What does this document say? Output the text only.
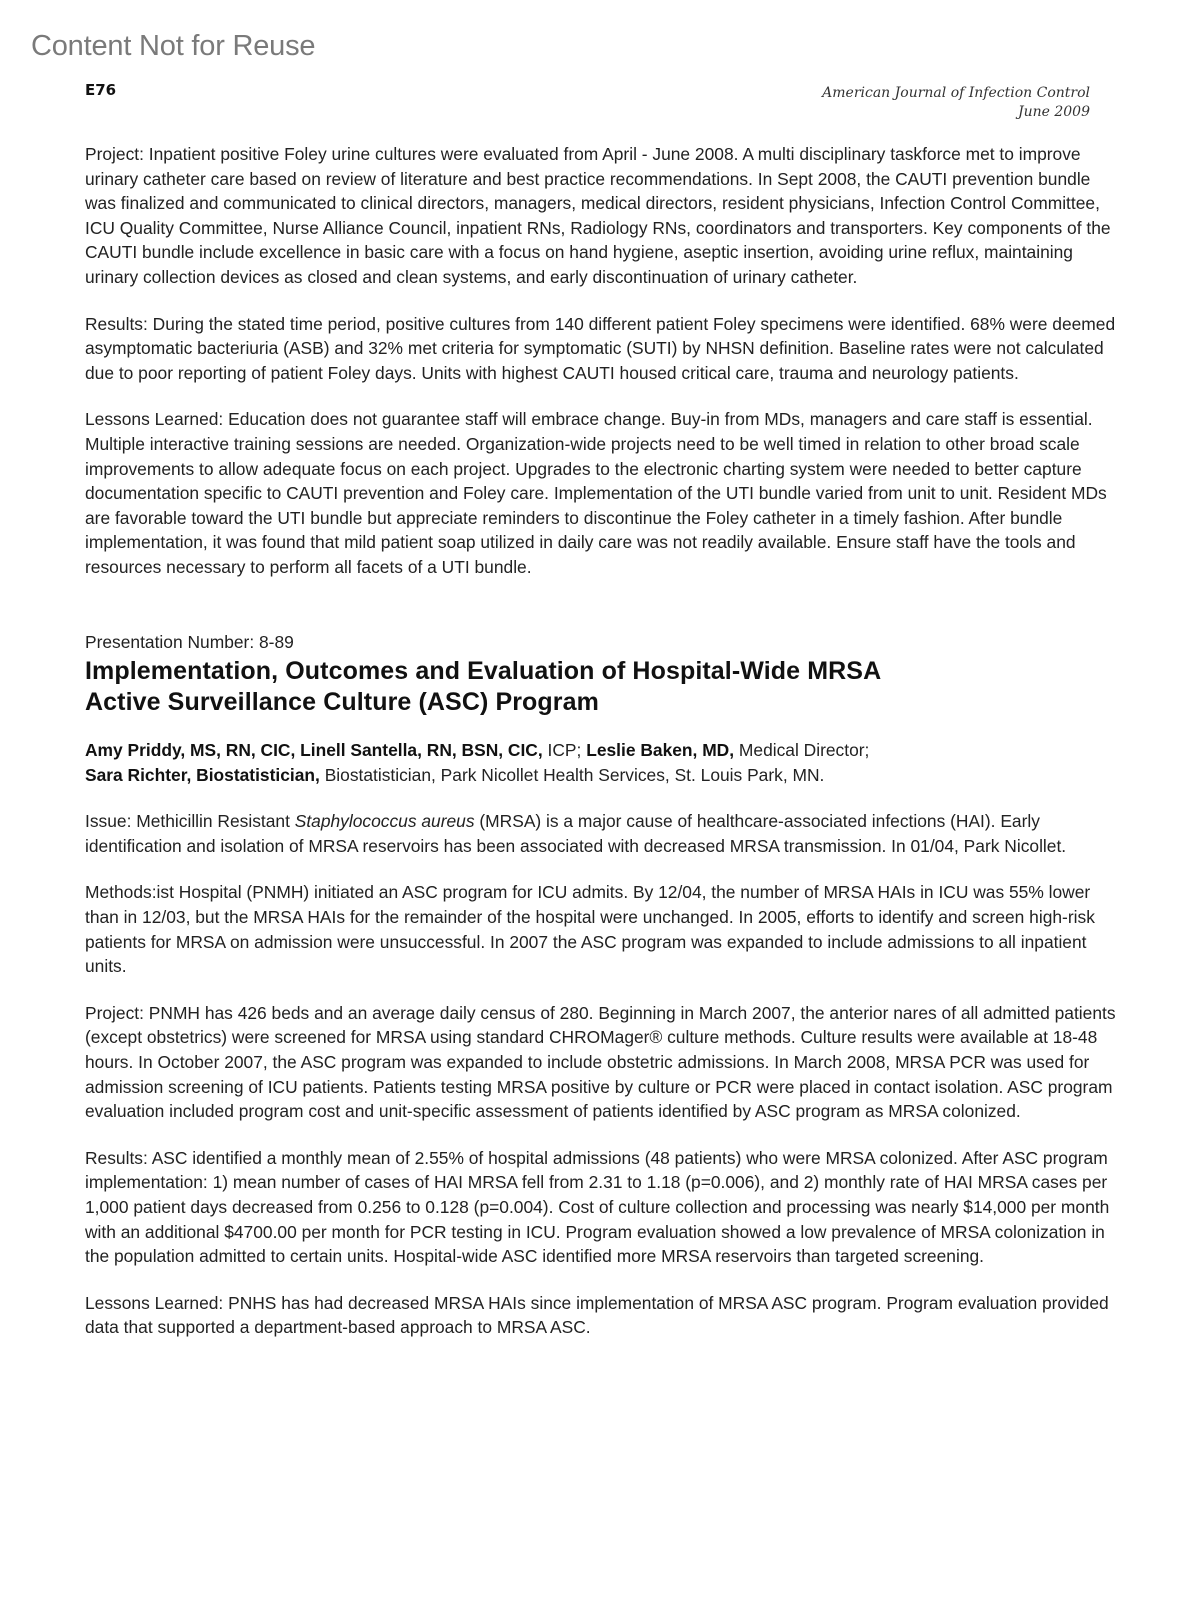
Content Not for Reuse
E76	American Journal of Infection Control
June 2009

Project: Inpatient positive Foley urine cultures were evaluated from April - June 2008. A multi disciplinary taskforce met to improve urinary catheter care based on review of literature and best practice recommendations. In Sept 2008, the CAUTI prevention bundle was finalized and communicated to clinical directors, managers, medical directors, resident physicians, Infection Control Committee, ICU Quality Committee, Nurse Alliance Council, inpatient RNs, Radiology RNs, coordinators and transporters. Key components of the CAUTI bundle include excellence in basic care with a focus on hand hygiene, aseptic insertion, avoiding urine reflux, maintaining urinary collection devices as closed and clean systems, and early discontinuation of urinary catheter.

Results: During the stated time period, positive cultures from 140 different patient Foley specimens were identified. 68% were deemed asymptomatic bacteriuria (ASB) and 32% met criteria for symptomatic (SUTI) by NHSN definition. Baseline rates were not calculated due to poor reporting of patient Foley days. Units with highest CAUTI housed critical care, trauma and neurology patients.

Lessons Learned: Education does not guarantee staff will embrace change. Buy-in from MDs, managers and care staff is essential. Multiple interactive training sessions are needed. Organization-wide projects need to be well timed in relation to other broad scale improvements to allow adequate focus on each project. Upgrades to the electronic charting system were needed to better capture documentation specific to CAUTI prevention and Foley care. Implementation of the UTI bundle varied from unit to unit. Resident MDs are favorable toward the UTI bundle but appreciate reminders to discontinue the Foley catheter in a timely fashion. After bundle implementation, it was found that mild patient soap utilized in daily care was not readily available. Ensure staff have the tools and resources necessary to perform all facets of a UTI bundle.

Presentation Number: 8-89
Implementation, Outcomes and Evaluation of Hospital-Wide MRSA
Active Surveillance Culture (ASC) Program
Amy Priddy, MS, RN, CIC, Linell Santella, RN, BSN, CIC, ICP; Leslie Baken, MD, Medical Director;
Sara Richter, Biostatistician, Biostatistician, Park Nicollet Health Services, St. Louis Park, MN.

Issue: Methicillin Resistant Staphylococcus aureus (MRSA) is a major cause of healthcare-associated infections (HAI). Early identification and isolation of MRSA reservoirs has been associated with decreased MRSA transmission. In 01/04, Park Nicollet.

Methods:ist Hospital (PNMH) initiated an ASC program for ICU admits. By 12/04, the number of MRSA HAIs in ICU was 55% lower than in 12/03, but the MRSA HAIs for the remainder of the hospital were unchanged. In 2005, efforts to identify and screen high-risk patients for MRSA on admission were unsuccessful. In 2007 the ASC program was expanded to include admissions to all inpatient units.

Project: PNMH has 426 beds and an average daily census of 280. Beginning in March 2007, the anterior nares of all admitted patients (except obstetrics) were screened for MRSA using standard CHROMager® culture methods. Culture results were available at 18-48 hours. In October 2007, the ASC program was expanded to include obstetric admissions. In March 2008, MRSA PCR was used for admission screening of ICU patients. Patients testing MRSA positive by culture or PCR were placed in contact isolation. ASC program evaluation included program cost and unit-specific assessment of patients identified by ASC program as MRSA colonized.

Results: ASC identified a monthly mean of 2.55% of hospital admissions (48 patients) who were MRSA colonized. After ASC program implementation: 1) mean number of cases of HAI MRSA fell from 2.31 to 1.18 (p=0.006), and 2) monthly rate of HAI MRSA cases per 1,000 patient days decreased from 0.256 to 0.128 (p=0.004). Cost of culture collection and processing was nearly $14,000 per month with an additional $4700.00 per month for PCR testing in ICU. Program evaluation showed a low prevalence of MRSA colonization in the population admitted to certain units. Hospital-wide ASC identified more MRSA reservoirs than targeted screening.

Lessons Learned: PNHS has had decreased MRSA HAIs since implementation of MRSA ASC program. Program evaluation provided data that supported a department-based approach to MRSA ASC.
